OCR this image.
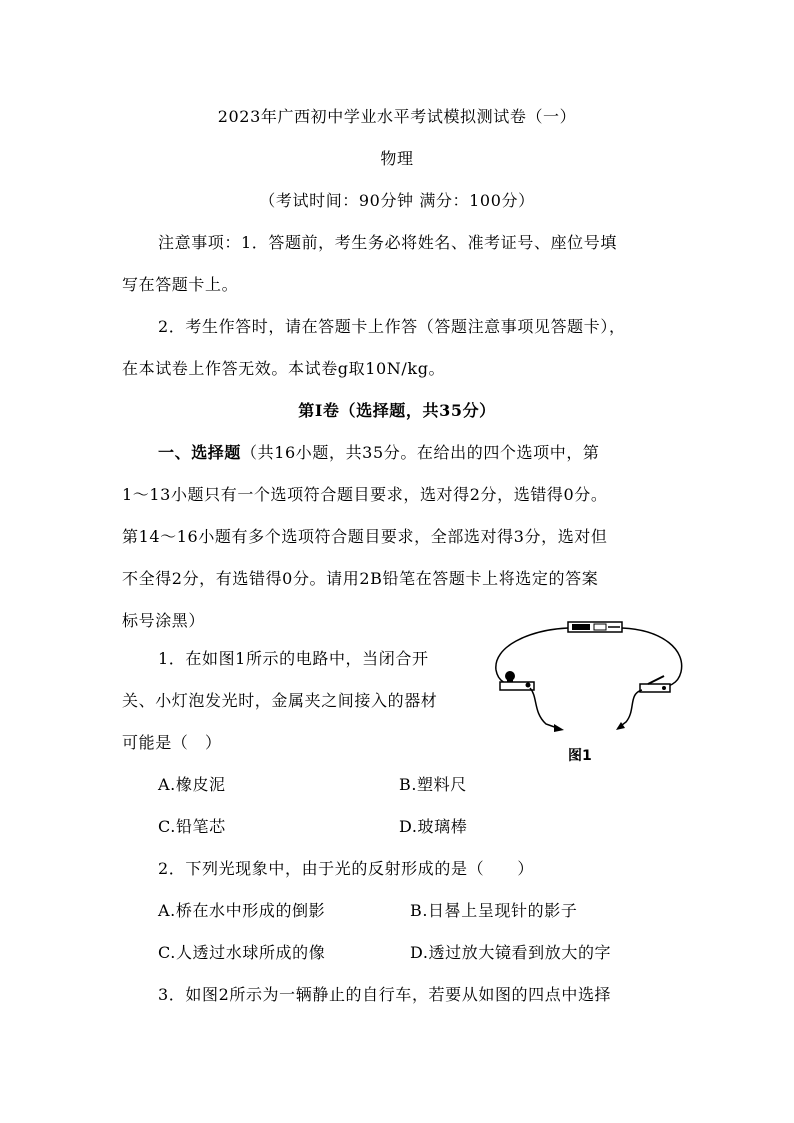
2023年广西初中学业水平考试模拟测试卷（一）
物理
（考试时间：90分钟 满分：100分）
注意事项：1．答题前，考生务必将姓名、准考证号、座位号填
写在答题卡上。
2．考生作答时，请在答题卡上作答（答题注意事项见答题卡），
在本试卷上作答无效。本试卷g取10N/kg。
第Ⅰ卷（选择题，共35分）
一、选择题（共16小题，共35分。在给出的四个选项中，第
1～13小题只有一个选项符合题目要求，选对得2分，选错得0分。
第14～16小题有多个选项符合题目要求，全部选对得3分，选对但
不全得2分，有选错得0分。请用2B铅笔在答题卡上将选定的答案
标号涂黑）
1．在如图1所示的电路中，当闭合开
关、小灯泡发光时，金属夹之间接入的器材
可能是（　）
图1
A.橡皮泥	B.塑料尺
C.铅笔芯	D.玻璃棒
2．下列光现象中，由于光的反射形成的是（　　）
A.桥在水中形成的倒影	B.日晷上呈现针的影子
C.人透过水球所成的像	D.透过放大镜看到放大的字
3．如图2所示为一辆静止的自行车，若要从如图的四点中选择
